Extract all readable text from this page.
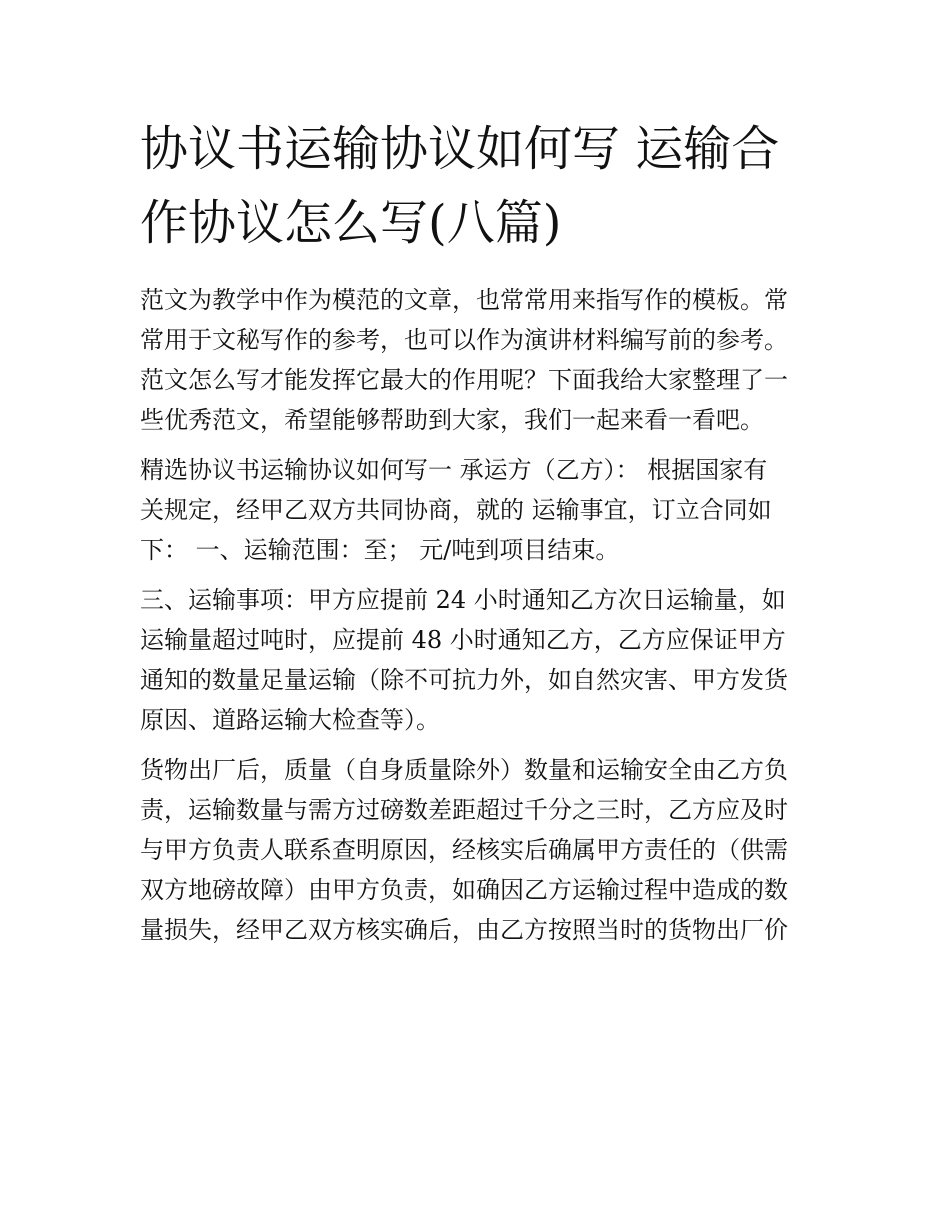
协议书运输协议如何写 运输合
作协议怎么写(八篇)

范文为教学中作为模范的文章，也常常用来指写作的模板。常
常用于文秘写作的参考，也可以作为演讲材料编写前的参考。
范文怎么写才能发挥它最大的作用呢？下面我给大家整理了一
些优秀范文，希望能够帮助到大家，我们一起来看一看吧。

精选协议书运输协议如何写一 承运方（乙方）： 根据国家有
关规定，经甲乙双方共同协商，就的 运输事宜，订立合同如
下： 一、运输范围：至； 元/吨到项目结束。

三、运输事项：甲方应提前 24 小时通知乙方次日运输量，如
运输量超过吨时，应提前 48 小时通知乙方，乙方应保证甲方
通知的数量足量运输（除不可抗力外，如自然灾害、甲方发货
原因、道路运输大检查等）。

货物出厂后，质量（自身质量除外）数量和运输安全由乙方负
责，运输数量与需方过磅数差距超过千分之三时，乙方应及时
与甲方负责人联系查明原因，经核实后确属甲方责任的（供需
双方地磅故障）由甲方负责，如确因乙方运输过程中造成的数
量损失，经甲乙双方核实确后，由乙方按照当时的货物出厂价
